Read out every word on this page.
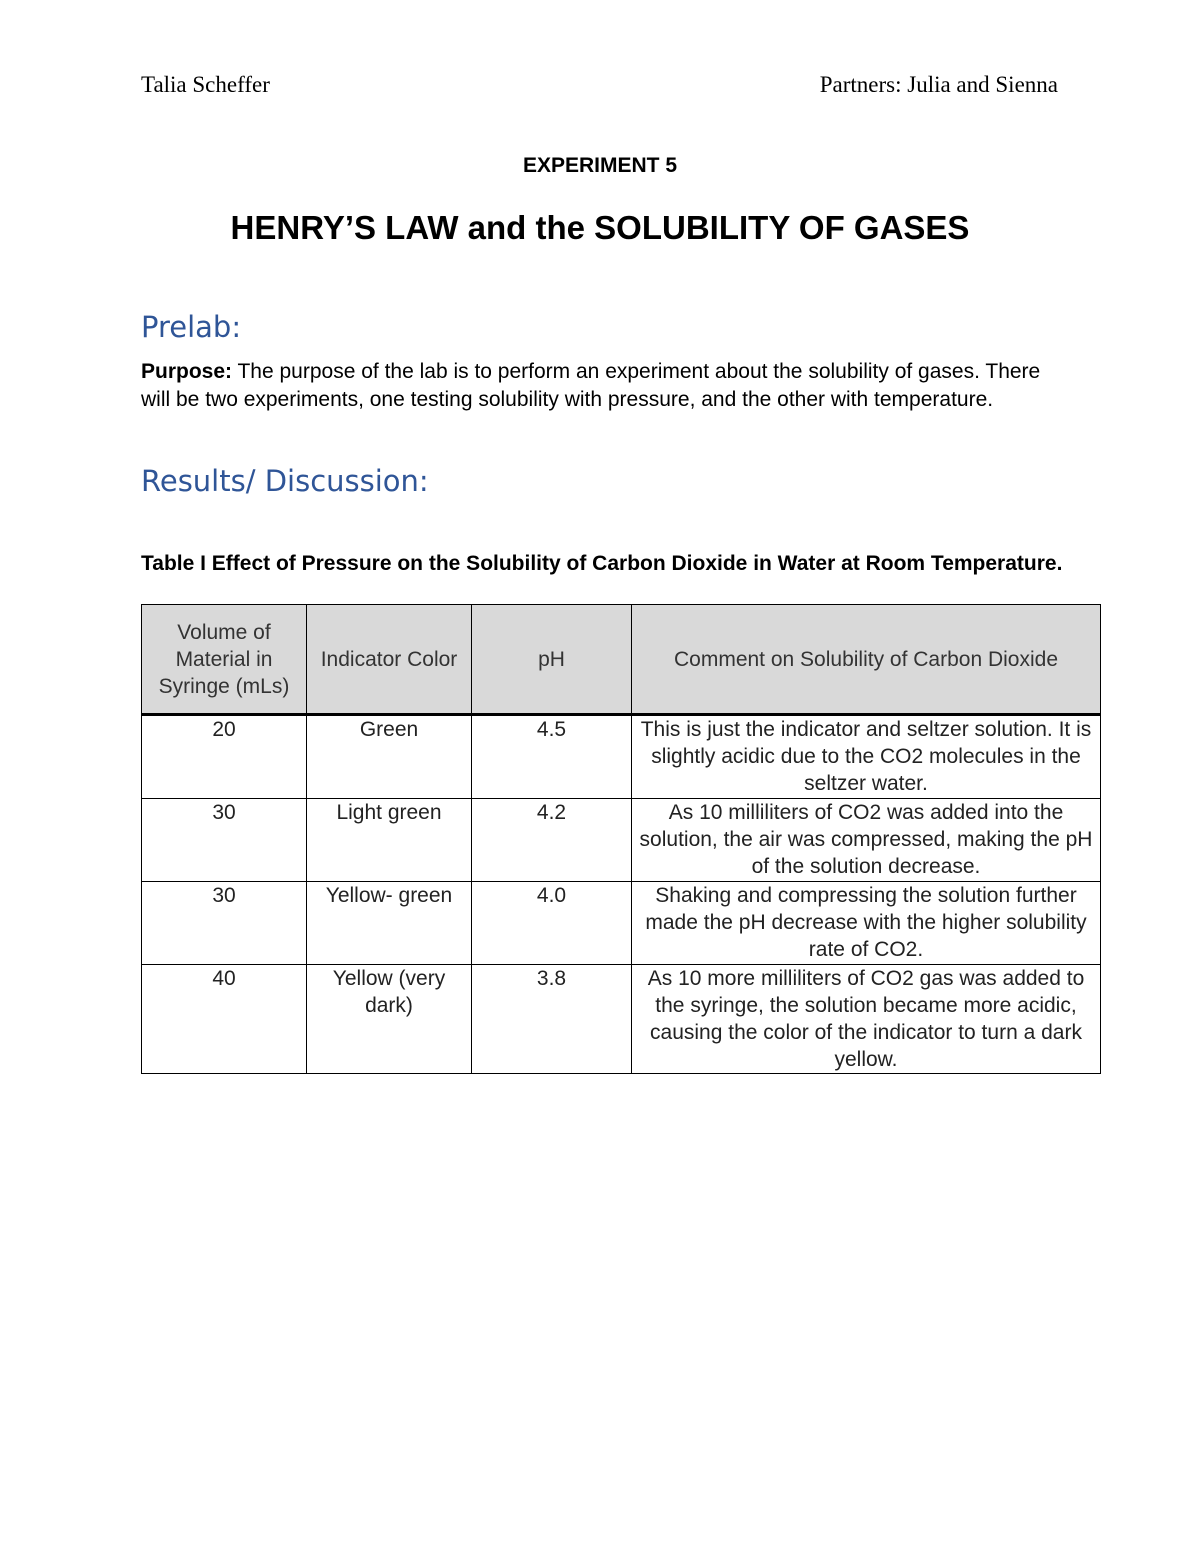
Talia Scheffer	Partners: Julia and Sienna
EXPERIMENT 5
HENRY’S LAW and the SOLUBILITY OF GASES
Prelab:
Purpose: The purpose of the lab is to perform an experiment about the solubility of gases. There will be two experiments, one testing solubility with pressure, and the other with temperature.
Results/ Discussion:
Table I Effect of Pressure on the Solubility of Carbon Dioxide in Water at Room Temperature.
Volume of Material in Syringe (mLs)	Indicator Color	pH	Comment on Solubility of Carbon Dioxide
20	Green	4.5	This is just the indicator and seltzer solution. It is slightly acidic due to the CO2 molecules in the seltzer water.
30	Light green	4.2	As 10 milliliters of CO2 was added into the solution, the air was compressed, making the pH of the solution decrease.
30	Yellow- green	4.0	Shaking and compressing the solution further made the pH decrease with the higher solubility rate of CO2.
40	Yellow (very dark)	3.8	As 10 more milliliters of CO2 gas was added to the syringe, the solution became more acidic, causing the color of the indicator to turn a dark yellow.
